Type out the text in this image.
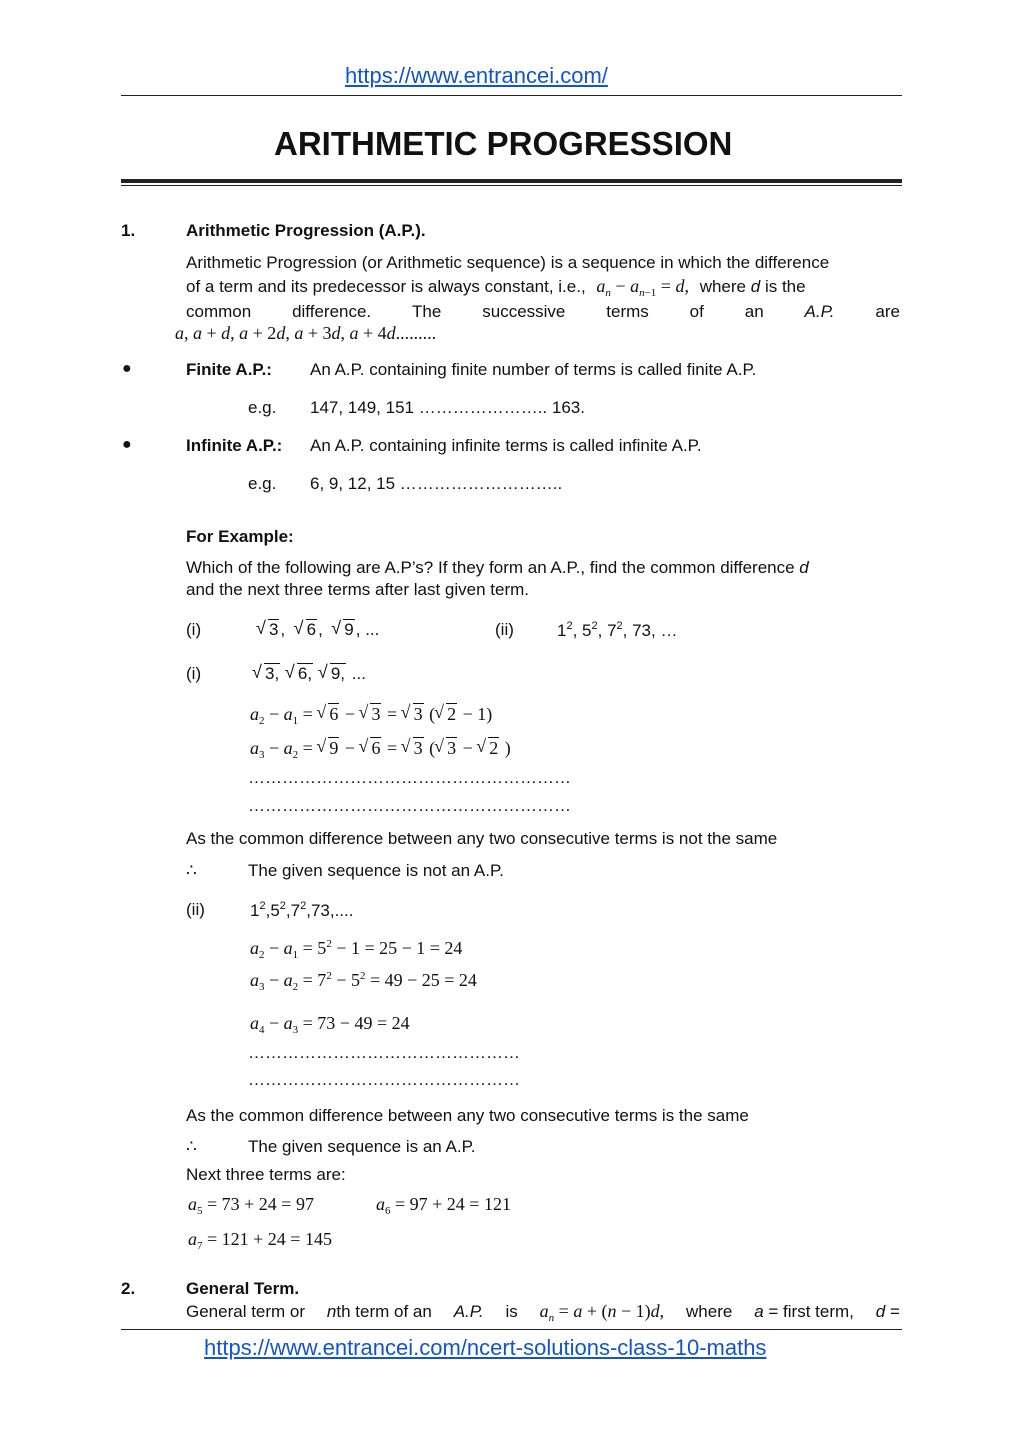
https://www.entrancei.com/
ARITHMETIC PROGRESSION
1.	Arithmetic Progression (A.P.).
Arithmetic Progression (or Arithmetic sequence) is a sequence in which the difference
of a term and its predecessor is always constant, i.e., $a_n - a_{n-1} = d$, where d is the
common difference. The successive terms of an A.P. are
a, a + d, a + 2d, a + 3d, a + 4d.........
●	Finite A.P.: An A.P. containing finite number of terms is called finite A.P.
e.g. 147, 149, 151 ………………….. 163.
●	Infinite A.P.: An A.P. containing infinite terms is called infinite A.P.
e.g. 6, 9, 12, 15 ………………………..
For Example:
Which of the following are A.P’s? If they form an A.P., find the common difference d
and the next three terms after last given term.
(i)	√ 3 ,  √ 6 ,  √ 9 , ...	(ii)	$1^2$, $5^2$, $7^2$, 73, …
(i)	√ 3, √ 6, √ 9, ...
$a_2 - a_1$ = √ 6 − √ 3 = √ 3 ( √ 2 − 1)
$a_3 - a_2$ = √ 9 − √ 6 = √ 3 ( √ 3 − √ 2 )
…………………………………………………
…………………………………………………
As the common difference between any two consecutive terms is not the same
∴	The given sequence is not an A.P.
(ii)	$1^2,5^2,7^2,73$,....
$a_2 - a_1 = 5^2 - 1 = 25 - 1 = 24$
$a_3 - a_2 = 7^2 - 5^2 = 49 - 25 = 24$
$a_4 - a_3 = 73 - 49 = 24$
…………………………………………
…………………………………………
As the common difference between any two consecutive terms is the same
∴	The given sequence is an A.P.
Next three terms are:
$a_5 = 73 + 24 = 97$	$a_6 = 97 + 24 = 121$
$a_7 = 121 + 24 = 145$
2.	General Term.
General term or nth term of an A.P. is $a_n = a + (n - 1)d$, where a = first term, d =
https://www.entrancei.com/ncert-solutions-class-10-maths
